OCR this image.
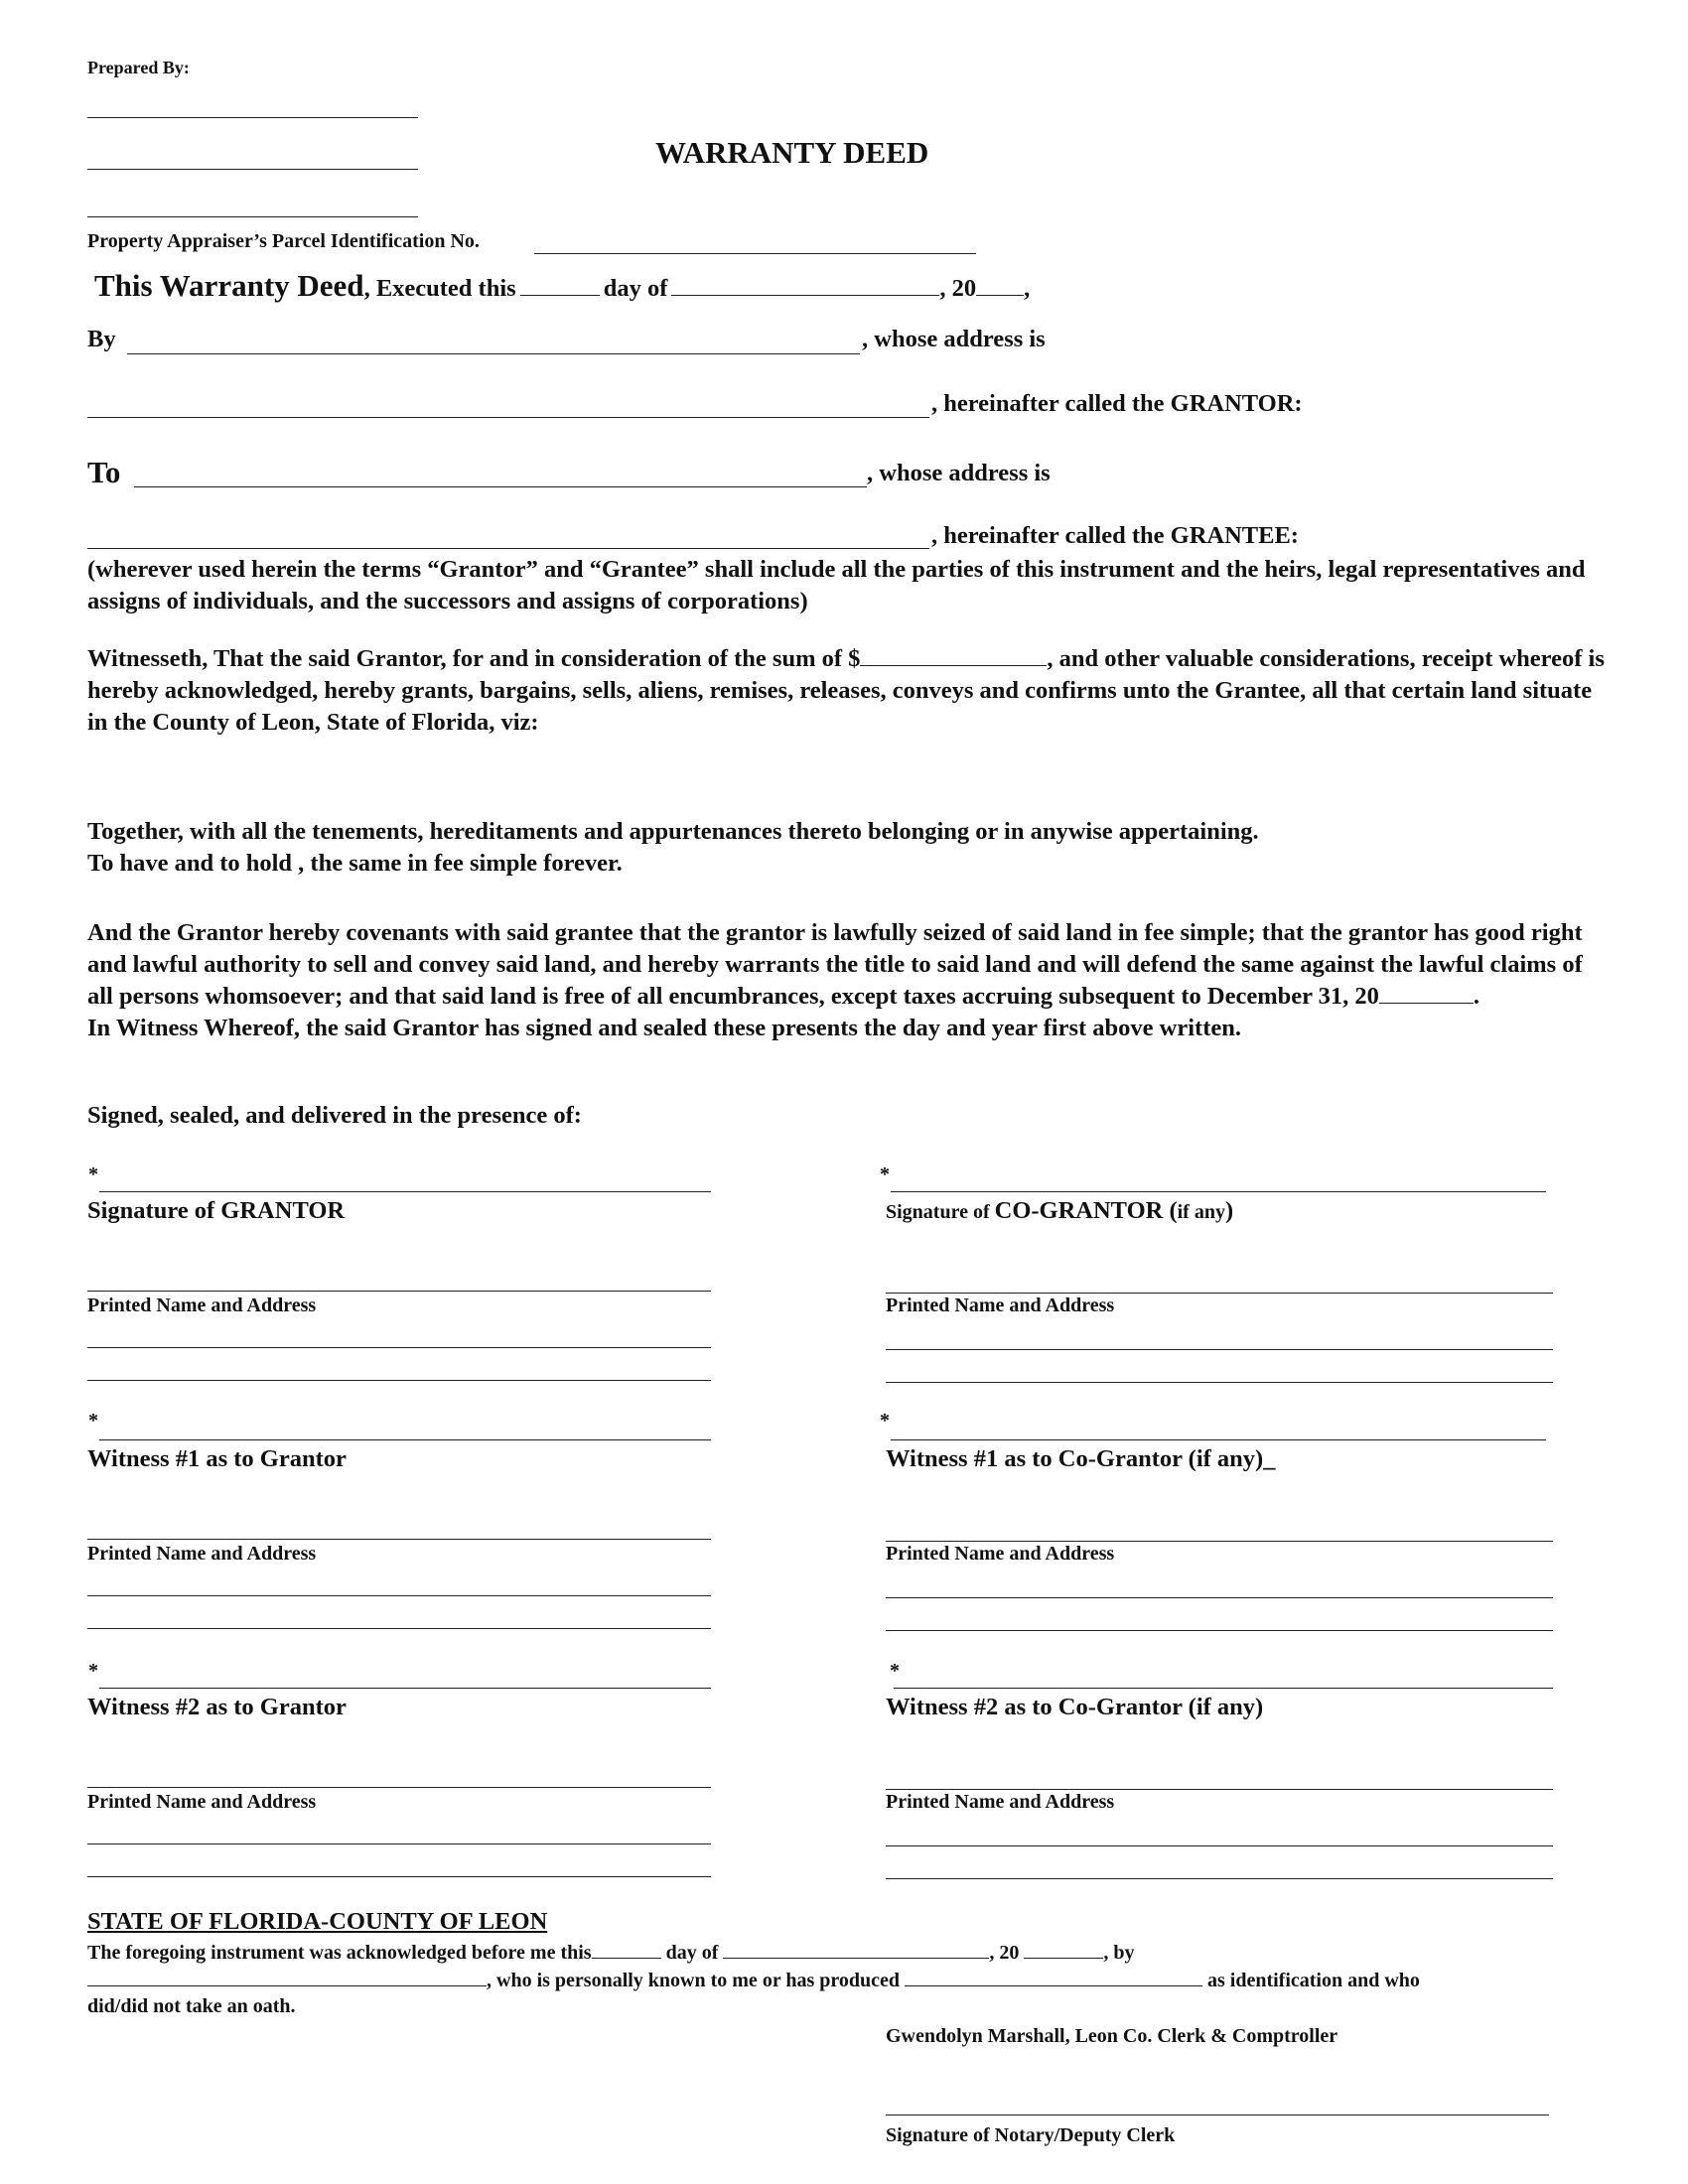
Prepared By:
WARRANTY DEED
Property Appraiser’s Parcel Identification No.
This Warranty Deed, Executed this	day of	, 20 ,
By	, whose address is
, hereinafter called the GRANTOR:
To	, whose address is
, hereinafter called the GRANTEE:
(wherever used herein the terms “Grantor” and “Grantee” shall include all the parties of this instrument and the heirs, legal representatives and assigns of individuals, and the successors and assigns of corporations)
Witnesseth, That the said Grantor, for and in consideration of the sum of $	, and other valuable considerations, receipt whereof is hereby acknowledged, hereby grants, bargains, sells, aliens, remises, releases, conveys and confirms unto the Grantee, all that certain land situate in the County of Leon, State of Florida, viz:

Together, with all the tenements, hereditaments and appurtenances thereto belonging or in anywise appertaining.

To have and to hold , the same in fee simple forever.

And the Grantor hereby covenants with said grantee that the grantor is lawfully seized of said land in fee simple; that the grantor has good right and lawful authority to sell and convey said land, and hereby warrants the title to said land and will defend the same against the lawful claims of all persons whomsoever; and that said land is free of all encumbrances, except taxes accruing subsequent to December 31, 20	.

In Witness Whereof, the said Grantor has signed and sealed these presents the day and year first above written.

Signed, sealed, and delivered in the presence of:
*
Signature of GRANTOR
Printed Name and Address
*
Witness #1 as to Grantor
Printed Name and Address
*
Witness #2 as to Grantor
Printed Name and Address
*
Signature of CO-GRANTOR (if any)
Printed Name and Address
*
Witness #1 as to Co-Grantor (if any)_
Printed Name and Address
*
Witness #2 as to Co-Grantor (if any)
Printed Name and Address
STATE OF FLORIDA-COUNTY OF LEON
The foregoing instrument was acknowledged before me this	day of	, 20	, by
, who is personally known to me or has produced	as identification and who
did/did not take an oath.
Gwendolyn Marshall, Leon Co. Clerk & Comptroller
Signature of Notary/Deputy Clerk
